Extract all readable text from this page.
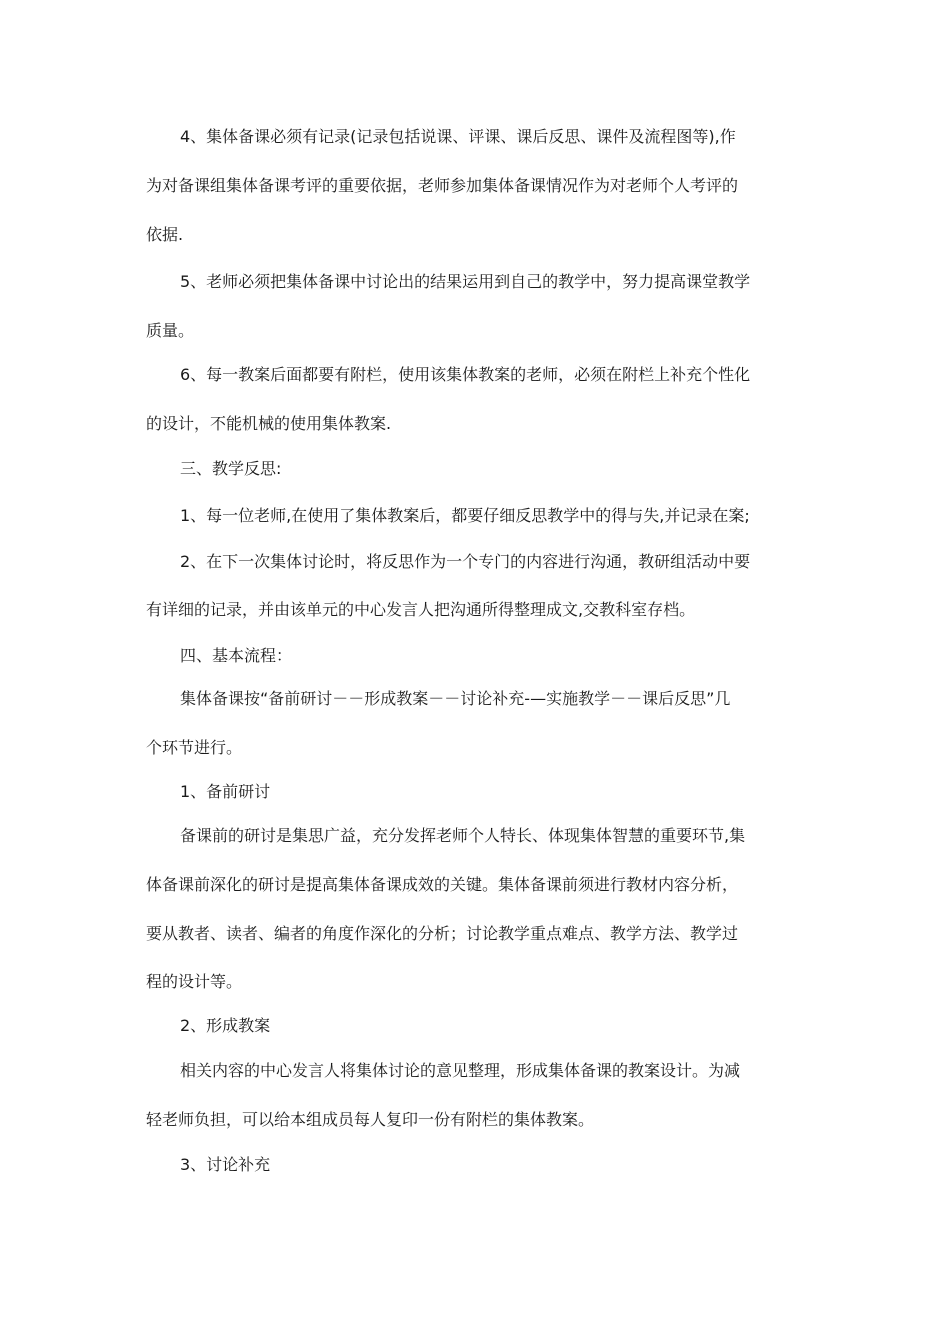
4、集体备课必须有记录(记录包括说课、评课、课后反思、课件及流程图等),作

为对备课组集体备课考评的重要依据，老师参加集体备课情况作为对老师个人考评的

依据.

5、老师必须把集体备课中讨论出的结果运用到自己的教学中，努力提高课堂教学

质量。

6、每一教案后面都要有附栏，使用该集体教案的老师，必须在附栏上补充个性化

的设计，不能机械的使用集体教案.

三、教学反思:

1、每一位老师,在使用了集体教案后，都要仔细反思教学中的得与失,并记录在案;

2、在下一次集体讨论时，将反思作为一个专门的内容进行沟通，教研组活动中要

有详细的记录，并由该单元的中心发言人把沟通所得整理成文,交教科室存档。

四、基本流程：

集体备课按“备前研讨－－形成教案－－讨论补充-—实施教学－－课后反思”几

个环节进行。

1、备前研讨

备课前的研讨是集思广益，充分发挥老师个人特长、体现集体智慧的重要环节,集

体备课前深化的研讨是提高集体备课成效的关键。集体备课前须进行教材内容分析，

要从教者、读者、编者的角度作深化的分析；讨论教学重点难点、教学方法、教学过

程的设计等。

2、形成教案

相关内容的中心发言人将集体讨论的意见整理，形成集体备课的教案设计。为减

轻老师负担，可以给本组成员每人复印一份有附栏的集体教案。

3、讨论补充
